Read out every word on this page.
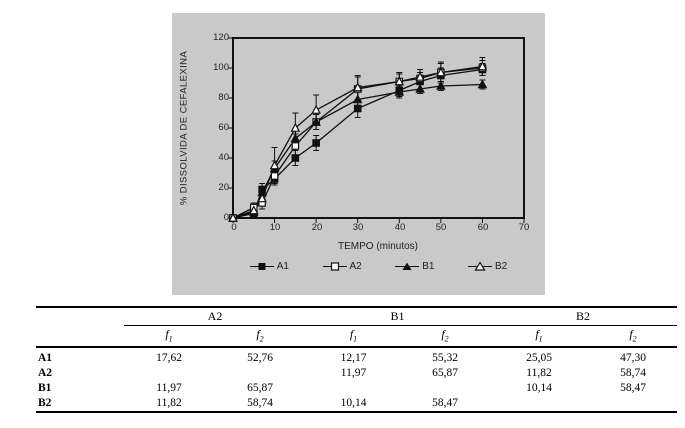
% DISSOLVIDA DE CEFALEXINA
120
100
80
60
40
20
0
0	10	20	30	40	50	60	70
TEMPO (minutos)
A1	A2	B1	B2
	A2		B1		B2	
	$f_1$	$f_2$	$f_1$	$f_2$	$f_1$	$f_2$
A1	17,62	52,76	12,17	55,32	25,05	47,30
A2			11,97	65,87	11,82	58,74
B1	11,97	65,87			10,14	58,47
B2	11,82	58,74	10,14	58,47		
